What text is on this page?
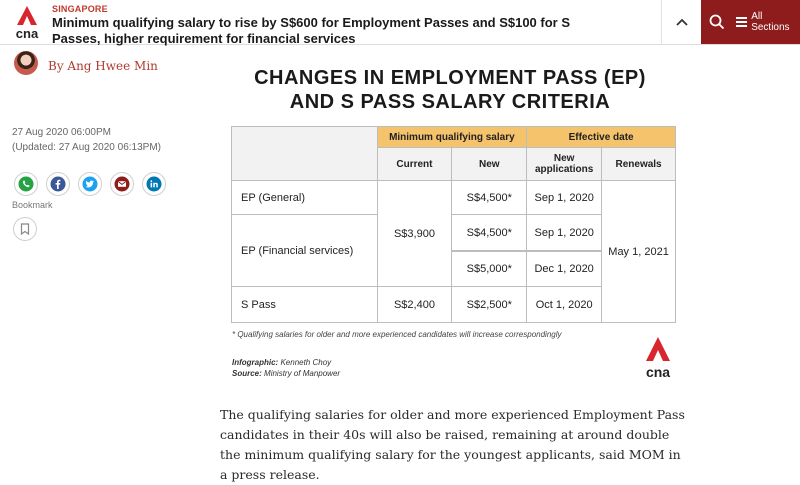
cna
SINGAPORE
Minimum qualifying salary to rise by S$600 for Employment Passes and S$100 for S Passes, higher requirement for financial services
All Sections
By Ang Hwee Min
27 Aug 2020 06:00PM
(Updated: 27 Aug 2020 06:13PM)
Bookmark
CHANGES IN EMPLOYMENT PASS (EP)
AND S PASS SALARY CRITERIA
	Minimum qualifying salary		Effective date	
	Current	New	New applications	Renewals
EP (General)	S$3,900	S$4,500*	Sep 1, 2020	May 1, 2021
EP (Financial services)		S$4,500*	Sep 1, 2020	

		S$5,000*	Dec 1, 2020	
S Pass	S$2,400	S$2,500*	Oct 1, 2020	
* Qualifying salaries for older and more experienced candidates will increase correspondingly
Infographic: Kenneth Choy
Source: Ministry of Manpower	cna

The qualifying salaries for older and more experienced Employment Pass candidates in their 40s will also be raised, remaining at around double the minimum qualifying salary for the youngest applicants, said MOM in a press release.
